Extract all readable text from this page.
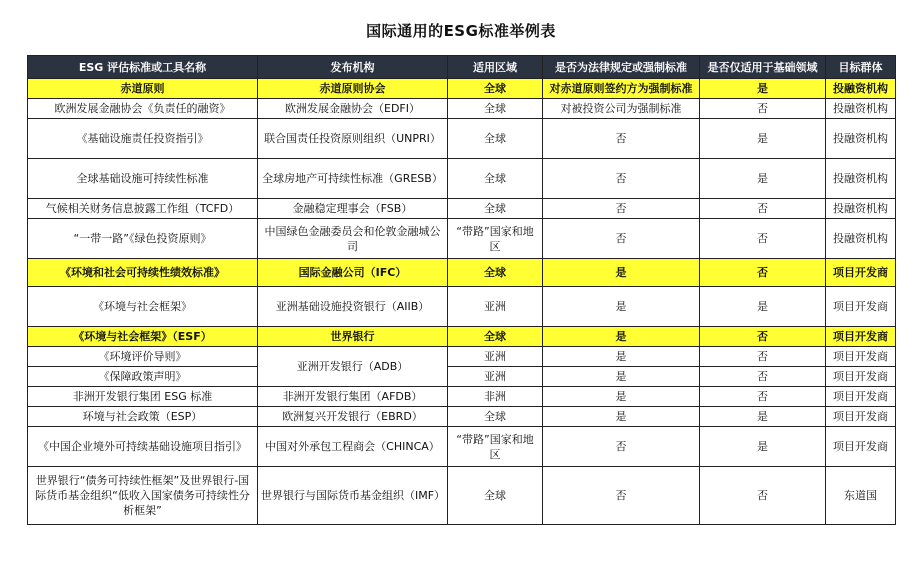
国际通用的ESG标准举例表
ESG 评估标准或工具名称	发布机构	适用区域	是否为法律规定或强制标准	是否仅适用于基础领域	目标群体
赤道原则	赤道原则协会	全球	对赤道原则签约方为强制标准	是	投融资机构
欧洲发展金融协会《负责任的融资》	欧洲发展金融协会（EDFI）	全球	对被投资公司为强制标准	否	投融资机构
《基础设施责任投资指引》	联合国责任投资原则组织（UNPRI）	全球	否	是	投融资机构
全球基础设施可持续性标准	全球房地产可持续性标准（GRESB）	全球	否	是	投融资机构
气候相关财务信息披露工作组（TCFD）	金融稳定理事会（FSB）	全球	否	否	投融资机构
“一带一路”《绿色投资原则》	中国绿色金融委员会和伦敦金融城公司	“带路”国家和地区	否	否	投融资机构
《环境和社会可持续性绩效标准》	国际金融公司（IFC）	全球	是	否	项目开发商
《环境与社会框架》	亚洲基础设施投资银行（AIIB）	亚洲	是	是	项目开发商
《环境与社会框架》（ESF）	世界银行	全球	是	否	项目开发商
《环境评价导则》	亚洲开发银行（ADB）	亚洲	是	否	项目开发商
《保障政策声明》		亚洲	是	否	项目开发商
非洲开发银行集团 ESG 标准	非洲开发银行集团（AFDB）	非洲	是	否	项目开发商
环境与社会政策（ESP）	欧洲复兴开发银行（EBRD）	全球	是	是	项目开发商
《中国企业境外可持续基础设施项目指引》	中国对外承包工程商会（CHINCA）	“带路”国家和地区	否	是	项目开发商
世界银行“债务可持续性框架”及世界银行-国际货币基金组织“低收入国家债务可持续性分析框架”	世界银行与国际货币基金组织（IMF）	全球	否	否	东道国
